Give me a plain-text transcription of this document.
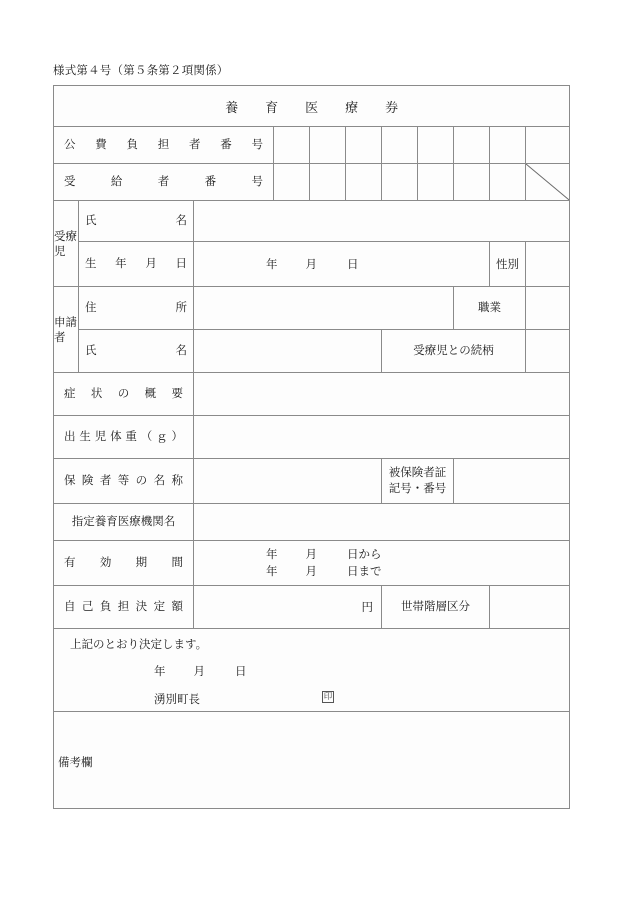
様式第４号（第５条第２項関係）
養　育　医　療　券										

公　費　負　担　者　番　号										

受　　給　　者　　番　　号

受療児	氏　　　　　名									

	生　年　月　日	年 月 日							性別	

申請者	住　　　　　所							職業		

	氏　　　　　名					受療児との続柄				

症　状　の　概　要										

出 生 児 体 重 （ ｇ ）										

保 険 者 等 の 名 称						被保険者証
記号・番号				

指定養育医療機関名										

有　　効　　期　　間		年 月 日から
年 月 日まで								

自 己 負 担 決 定 額		円				世帯階層区分				

上記のとおり決定します。
年 月 日
湧別町長 印										

備考欄										
